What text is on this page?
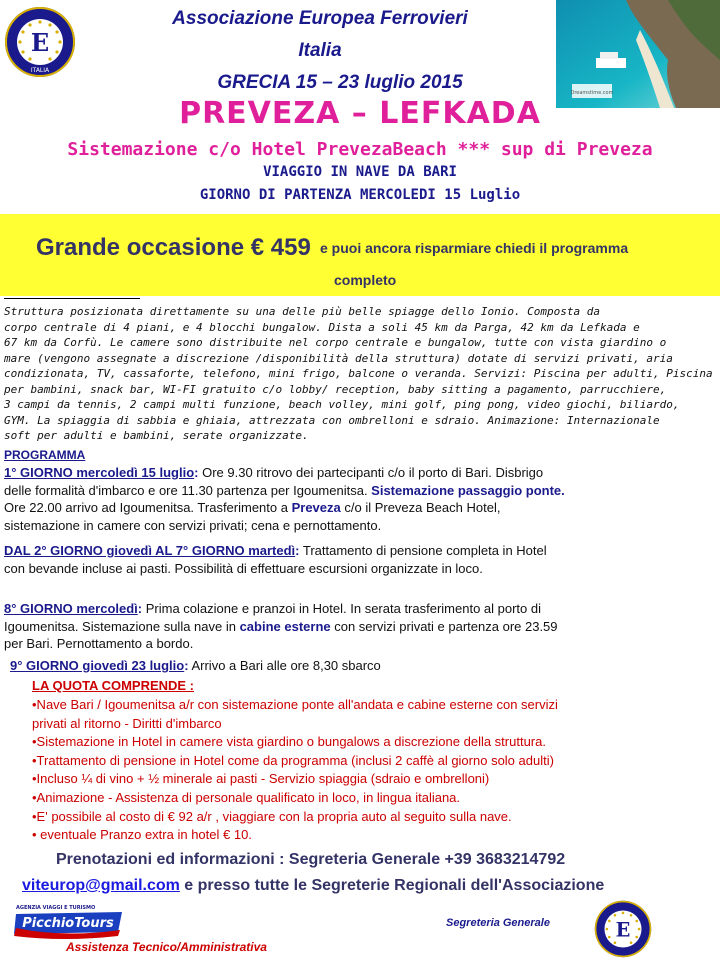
E
ITALIA
Dreamstime.com
Associazione Europea Ferrovieri
Italia
GRECIA 15 – 23 luglio 2015
PREVEZA – LEFKADA
Sistemazione c/o Hotel PrevezaBeach *** sup di Preveza
VIAGGIO IN NAVE DA BARI
GIORNO DI PARTENZA MERCOLEDI 15 Luglio
Grande occasione € 459 e puoi ancora risparmiare chiedi il programma
completo
Struttura posizionata direttamente su una delle più belle spiagge dello Ionio. Composta da
corpo centrale di 4 piani, e 4 blocchi bungalow. Dista a soli 45 km da Parga, 42 km da Lefkada e
67 km da Corfù. Le camere sono distribuite nel corpo centrale e bungalow, tutte con vista giardino o
mare (vengono assegnate a discrezione /disponibilità della struttura) dotate di servizi privati, aria
condizionata, TV, cassaforte, telefono, mini frigo, balcone o veranda. Servizi: Piscina per adulti, Piscina
per bambini, snack bar, WI-FI gratuito c/o lobby/ reception, baby sitting a pagamento, parrucchiere,
3 campi da tennis, 2 campi multi funzione, beach volley, mini golf, ping pong, video giochi, biliardo,
GYM. La spiaggia di sabbia e ghiaia, attrezzata con ombrelloni e sdraio. Animazione: Internazionale
soft per adulti e bambini, serate organizzate.
PROGRAMMA
1° GIORNO mercoledì 15 luglio: Ore 9.30 ritrovo dei partecipanti c/o il porto di Bari. Disbrigo
delle formalità d'imbarco e ore 11.30 partenza per Igoumenitsa. Sistemazione passaggio ponte.
Ore 22.00 arrivo ad Igoumenitsa. Trasferimento a Preveza c/o il Preveza Beach Hotel,
sistemazione in camere con servizi privati; cena e pernottamento.
DAL 2° GIORNO giovedì AL 7° GIORNO martedì: Trattamento di pensione completa in Hotel
con bevande incluse ai pasti. Possibilità di effettuare escursioni organizzate in loco.
8° GIORNO mercoledì: Prima colazione e pranzoi in Hotel. In serata trasferimento al porto di
Igoumenitsa. Sistemazione sulla nave in cabine esterne con servizi privati e partenza ore 23.59
per Bari. Pernottamento a bordo.
9° GIORNO giovedì 23 luglio: Arrivo a Bari alle ore 8,30 sbarco
LA QUOTA COMPRENDE :
•Nave Bari / Igoumenitsa a/r con sistemazione ponte all'andata e cabine esterne con servizi
privati al ritorno - Diritti d'imbarco
•Sistemazione in Hotel in camere vista giardino o bungalows a discrezione della struttura.
•Trattamento di pensione in Hotel come da programma (inclusi 2 caffè al giorno solo adulti)
•Incluso ¼ di vino + ½ minerale ai pasti - Servizio spiaggia (sdraio e ombrelloni)
•Animazione - Assistenza di personale qualificato in loco, in lingua italiana.
•E' possibile al costo di € 92 a/r , viaggiare con la propria auto al seguito sulla nave.
• eventuale Pranzo extra in hotel € 10.
Prenotazioni ed informazioni : Segreteria Generale +39 3683214792
viteurop@gmail.com e presso tutte le Segreterie Regionali dell'Associazione
AGENZIA VIAGGI E TURISMO
PicchioTours	Segreteria Generale	E
Assistenza Tecnico/Amministrativa
